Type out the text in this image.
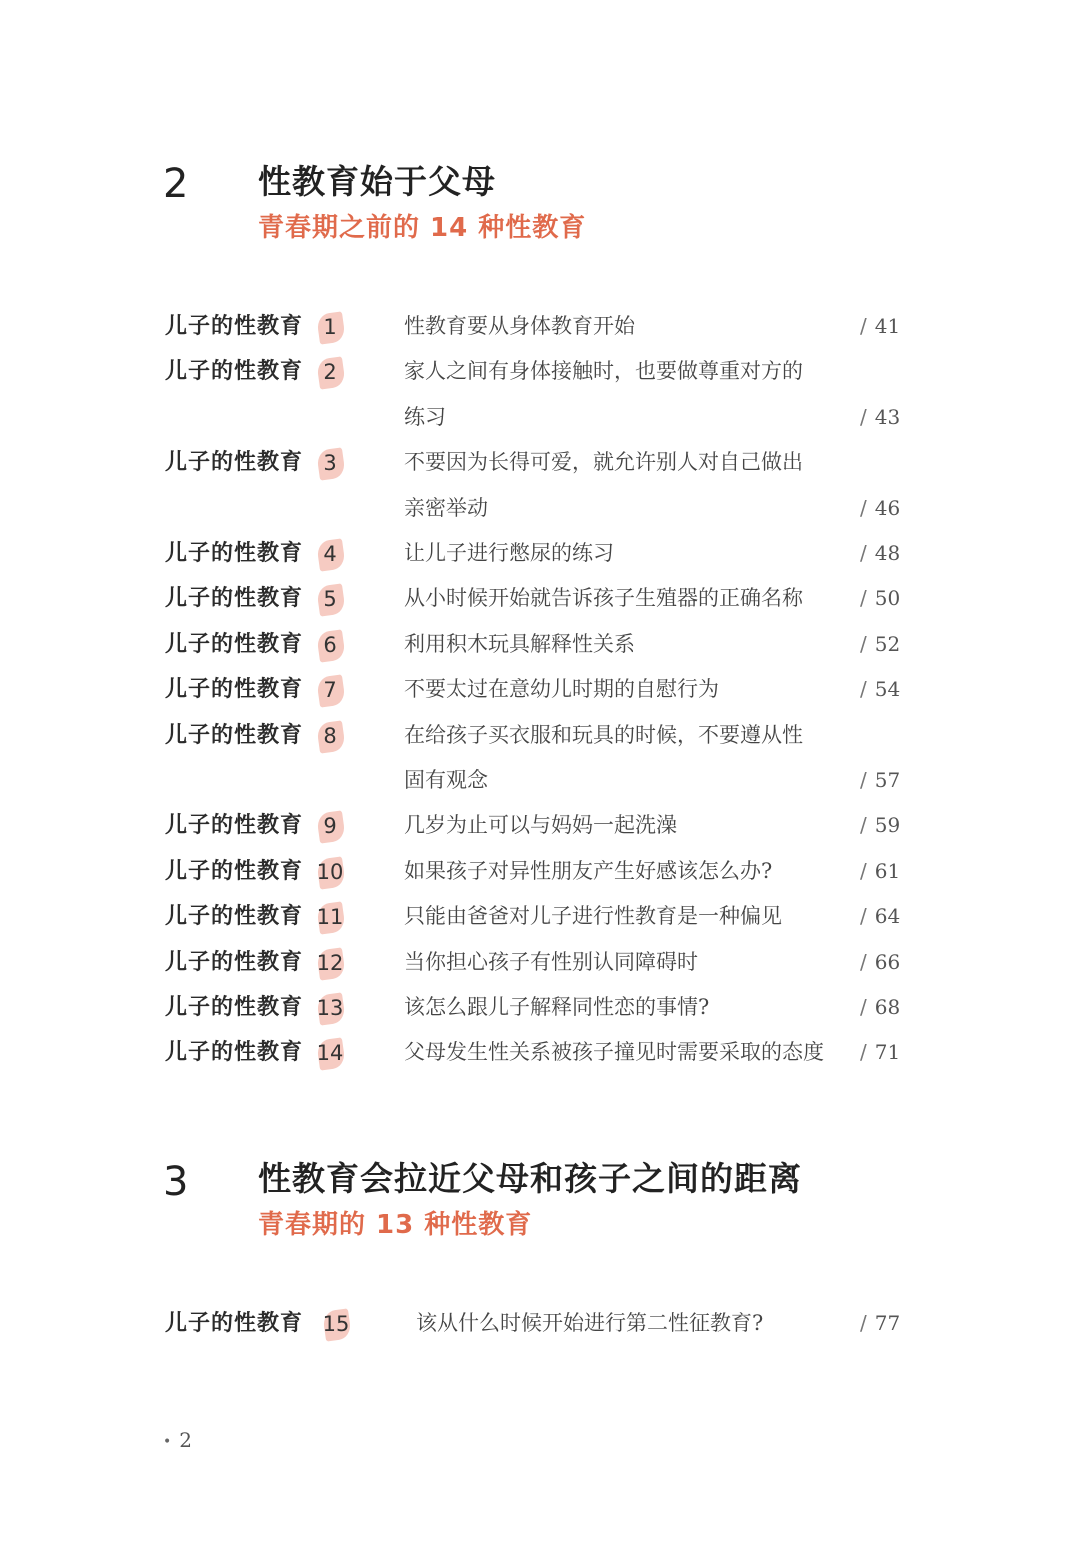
2 性教育始于父母
青春期之前的 14 种性教育
儿子的性教育 1	性教育要从身体教育开始	/ 41
儿子的性教育 2	家人之间有身体接触时，也要做尊重对方的
练习	/ 43
儿子的性教育 3	不要因为长得可爱，就允许别人对自己做出
亲密举动	/ 46
儿子的性教育 4	让儿子进行憋尿的练习	/ 48
儿子的性教育 5	从小时候开始就告诉孩子生殖器的正确名称	/ 50
儿子的性教育 6	利用积木玩具解释性关系	/ 52
儿子的性教育 7	不要太过在意幼儿时期的自慰行为	/ 54
儿子的性教育 8	在给孩子买衣服和玩具的时候，不要遵从性
固有观念	/ 57
儿子的性教育 9	几岁为止可以与妈妈一起洗澡	/ 59
儿子的性教育 10	如果孩子对异性朋友产生好感该怎么办?	/ 61
儿子的性教育 11	只能由爸爸对儿子进行性教育是一种偏见	/ 64
儿子的性教育 12	当你担心孩子有性别认同障碍时	/ 66
儿子的性教育 13	该怎么跟儿子解释同性恋的事情?	/ 68
儿子的性教育 14	父母发生性关系被孩子撞见时需要采取的态度 / 71
3 性教育会拉近父母和孩子之间的距离
青春期的 13 种性教育
儿子的性教育 15	该从什么时候开始进行第二性征教育?	/ 77
• 2
